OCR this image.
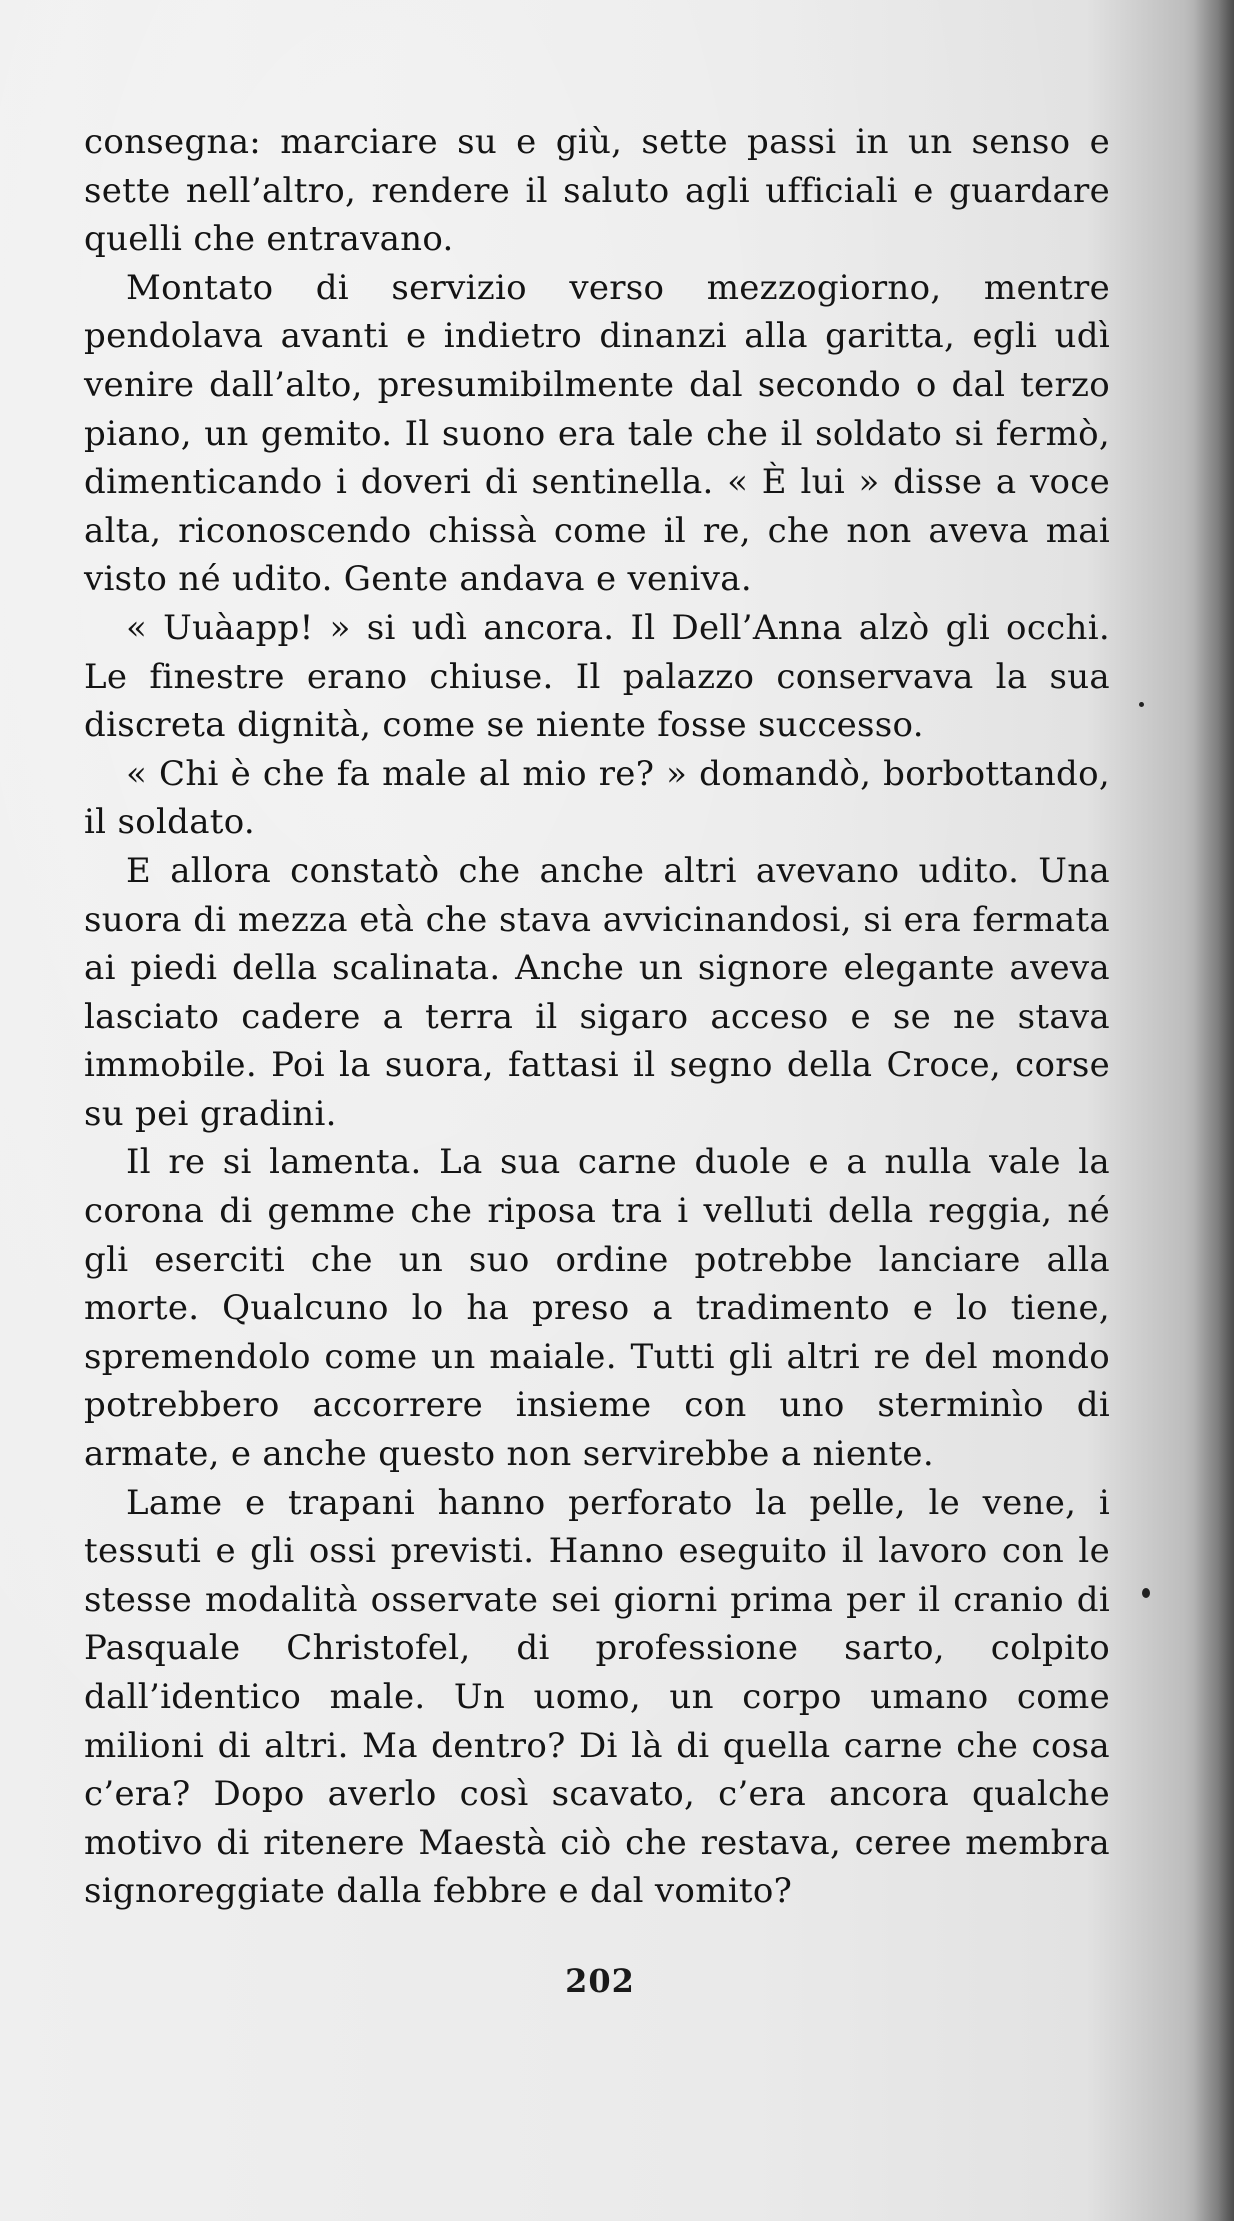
consegna: marciare su e giù, sette passi in un senso e sette nell’altro, rendere il saluto agli ufficiali e guardare quelli che entravano.

Montato di servizio verso mezzogiorno, mentre pendolava avanti e indietro dinanzi alla garitta, egli udì venire dall’alto, presumibilmente dal secondo o dal terzo piano, un gemito. Il suono era tale che il soldato si fermò, dimenticando i doveri di sentinella. « È lui » disse a voce alta, riconoscendo chissà come il re, che non aveva mai visto né udito. Gente andava e veniva.

« Uuàapp! » si udì ancora. Il Dell’Anna alzò gli occhi. Le finestre erano chiuse. Il palazzo conservava la sua discreta dignità, come se niente fosse successo.

« Chi è che fa male al mio re? » domandò, borbottando, il soldato.

E allora constatò che anche altri avevano udito. Una suora di mezza età che stava avvicinandosi, si era fermata ai piedi della scalinata. Anche un signore elegante aveva lasciato cadere a terra il sigaro acceso e se ne stava immobile. Poi la suora, fattasi il segno della Croce, corse su pei gradini.

Il re si lamenta. La sua carne duole e a nulla vale la corona di gemme che riposa tra i velluti della reggia, né gli eserciti che un suo ordine potrebbe lanciare alla morte. Qualcuno lo ha preso a tradimento e lo tiene, spremendolo come un maiale. Tutti gli altri re del mondo potrebbero accorrere insieme con uno sterminìo di armate, e anche questo non servirebbe a niente.

Lame e trapani hanno perforato la pelle, le vene, i tessuti e gli ossi previsti. Hanno eseguito il lavoro con le stesse modalità osservate sei giorni prima per il cranio di Pasquale Christofel, di professione sarto, colpito dall’identico male. Un uomo, un corpo umano come milioni di altri. Ma dentro? Di là di quella carne che cosa c’era? Dopo averlo così scavato, c’era ancora qualche motivo di ritenere Maestà ciò che restava, ceree membra signoreggiate dalla febbre e dal vomito?

202
